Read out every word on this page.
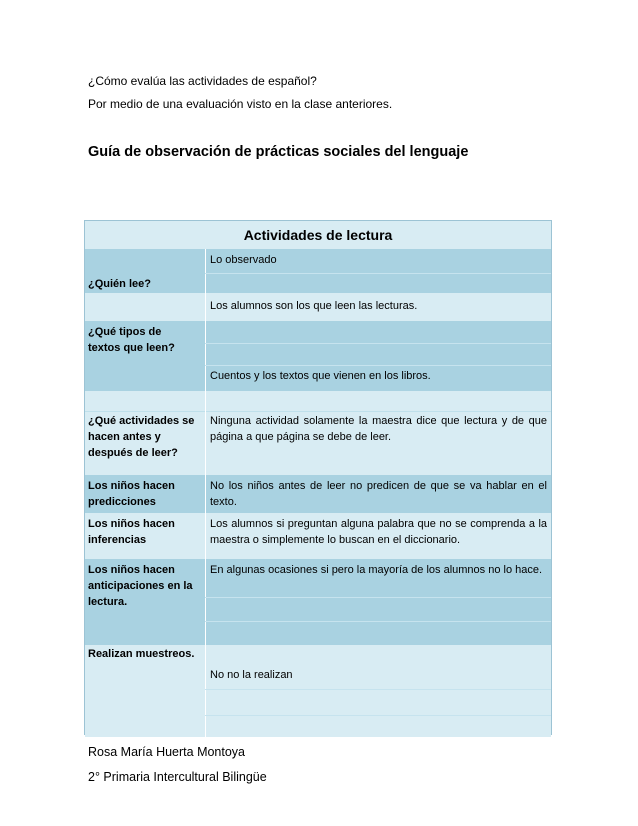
¿Cómo evalúa las actividades de español?
Por medio de una evaluación visto en la clase anteriores.
Guía de observación de prácticas sociales del lenguaje
Actividades de lectura
Lo observado
¿Quién lee?
Los alumnos son los que leen las lecturas.
¿Qué tipos de textos que leen?
Cuentos y los textos que vienen en los libros.
¿Qué actividades se hacen antes y después de leer?
Ninguna actividad solamente la maestra dice que lectura y de que página a que página se debe de leer.
Los niños hacen predicciones
No los niños antes de leer no predicen de que se va hablar en el texto.
Los niños hacen inferencias
Los alumnos si preguntan alguna palabra que no se comprenda a la maestra o simplemente lo buscan en el diccionario.
Los niños hacen anticipaciones en la lectura.
En algunas ocasiones si pero la mayoría de los alumnos no lo hace.
Realizan muestreos.
No no la realizan
Rosa María Huerta Montoya
2° Primaria Intercultural Bilingüe
